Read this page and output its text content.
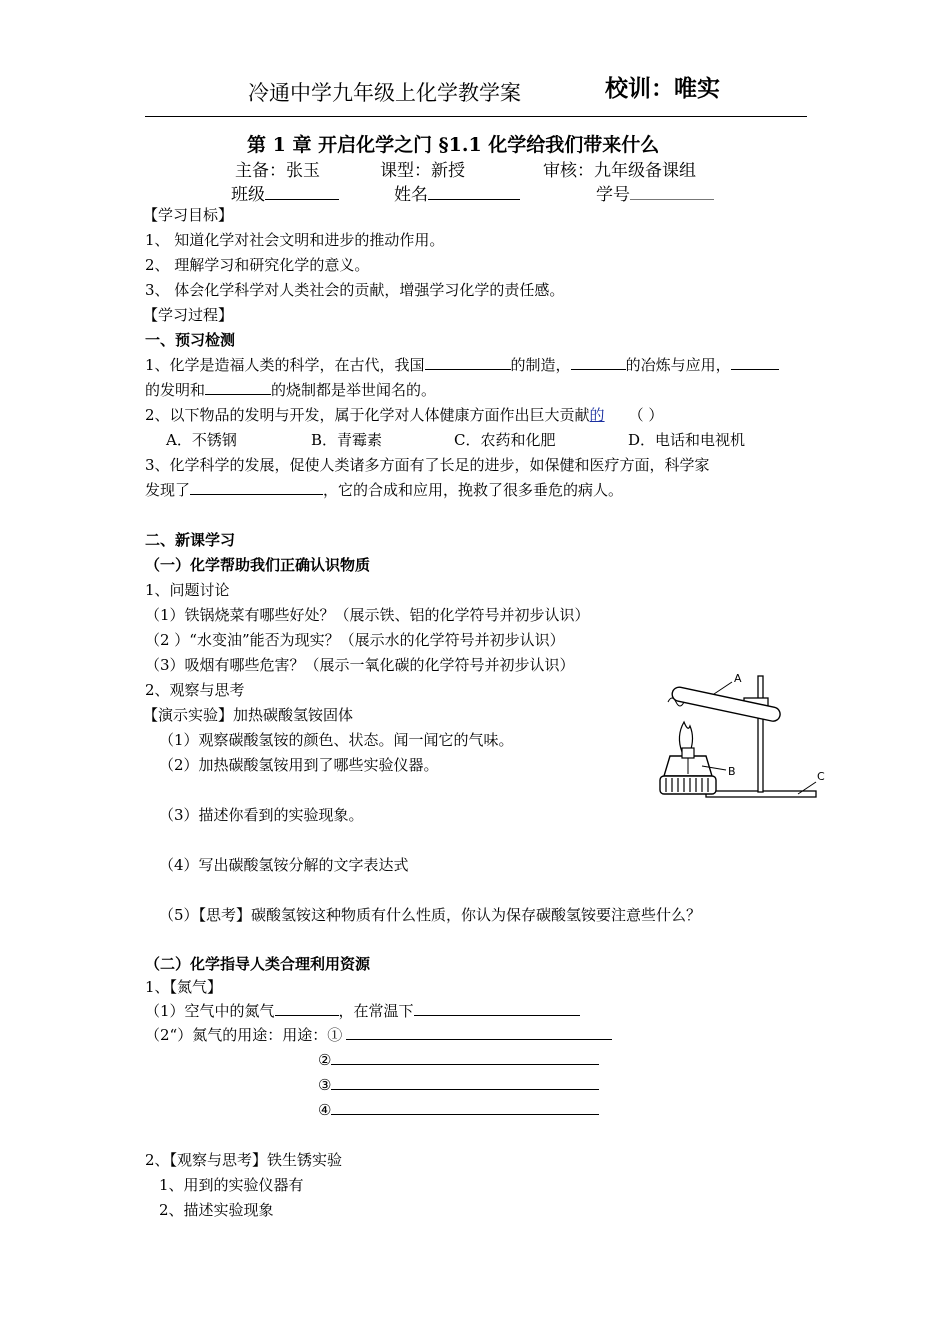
冷通中学九年级上化学教学案	校训：唯实
第 1 章 开启化学之门 §1.1 化学给我们带来什么
主备：张玉	课型：新授	审核：九年级备课组
班级	姓名	学号
【学习目标】
1、 知道化学对社会文明和进步的推动作用。
2、 理解学习和研究化学的意义。
3、 体会化学科学对人类社会的贡献，增强学习化学的责任感。
【学习过程】
一、预习检测
1、化学是造福人类的科学，在古代，我国	的制造，	的冶炼与应用，
的发明和	的烧制都是举世闻名的。
2、以下物品的发明与开发，属于化学对人体健康方面作出巨大贡献的 （ ）
A．不锈钢	B．青霉素	C．农药和化肥	D．电话和电视机
3、化学科学的发展，促使人类诸多方面有了长足的进步，如保健和医疗方面，科学家
发现了	，它的合成和应用，挽救了很多垂危的病人。
二、新课学习
（一）化学帮助我们正确认识物质
1、问题讨论
（1）铁锅烧菜有哪些好处？（展示铁、铝的化学符号并初步认识）
（2 ）“水变油”能否为现实？（展示水的化学符号并初步认识）
（3）吸烟有哪些危害？（展示一氧化碳的化学符号并初步认识）
2、观察与思考
【演示实验】加热碳酸氢铵固体
（1）观察碳酸氢铵的颜色、状态。闻一闻它的气味。
（2）加热碳酸氢铵用到了哪些实验仪器。
（3）描述你看到的实验现象。
（4）写出碳酸氢铵分解的文字表达式
（5）【思考】碳酸氢铵这种物质有什么性质，你认为保存碳酸氢铵要注意些什么？
A
B	C
（二）化学指导人类合理利用资源
1、【氮气】
（1）空气中的氮气	，在常温下
（2“）氮气的用途：用途：①
②
③
④
2、【观察与思考】铁生锈实验
1、用到的实验仪器有
2、描述实验现象
